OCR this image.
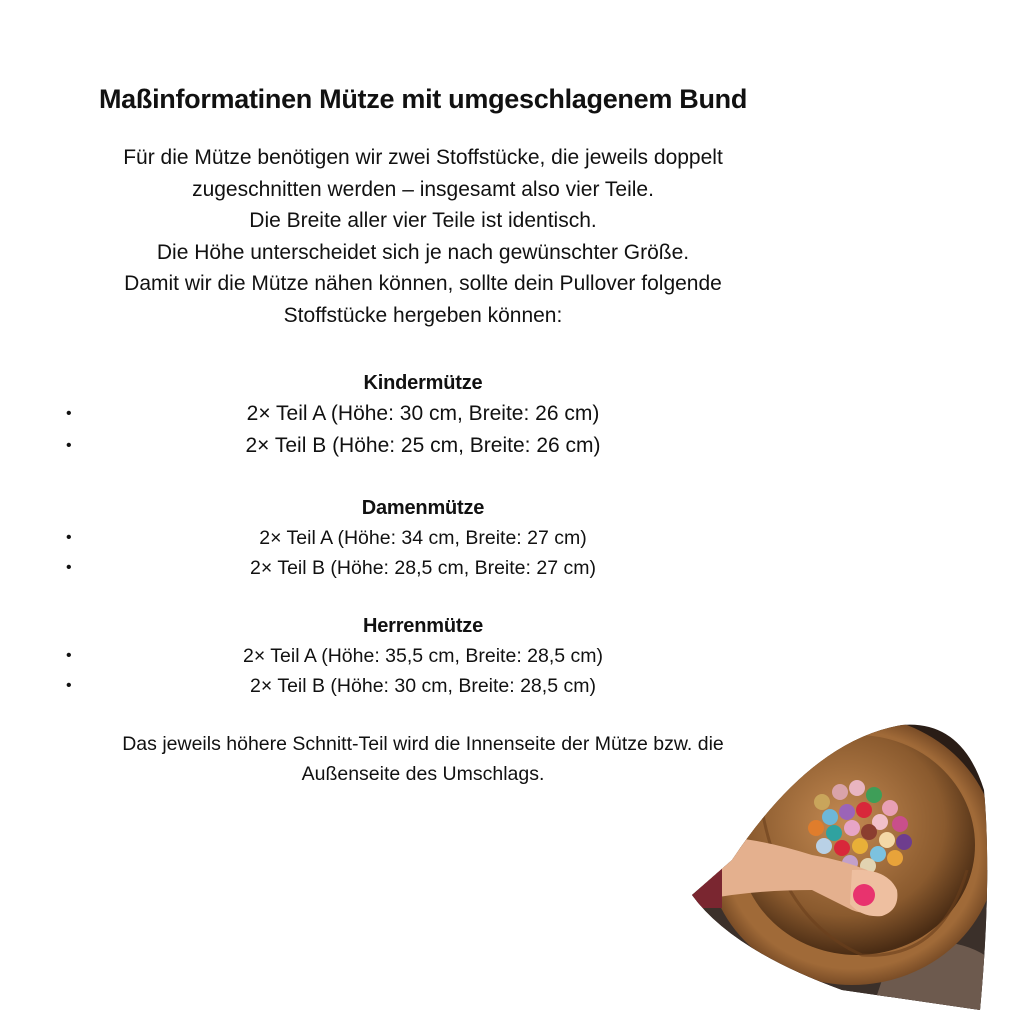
Maßinformatinen Mütze mit umgeschlagenem Bund
Für die Mütze benötigen wir zwei Stoffstücke, die jeweils doppelt
zugeschnitten werden – insgesamt also vier Teile.
Die Breite aller vier Teile ist identisch.
Die Höhe unterscheidet sich je nach gewünschter Größe.
Damit wir die Mütze nähen können, sollte dein Pullover folgende
Stoffstücke hergeben können:
Kindermütze
•	2× Teil A (Höhe: 30 cm, Breite: 26 cm)
•	2× Teil B (Höhe: 25 cm, Breite: 26 cm)
Damenmütze
•	2× Teil A (Höhe: 34 cm, Breite: 27 cm)
•	2× Teil B (Höhe: 28,5 cm, Breite: 27 cm)
Herrenmütze
•	2× Teil A (Höhe: 35,5 cm, Breite: 28,5 cm)
•	2× Teil B (Höhe: 30 cm, Breite: 28,5 cm)
Das jeweils höhere Schnitt-Teil wird die Innenseite der Mütze bzw. die
Außenseite des Umschlags.
